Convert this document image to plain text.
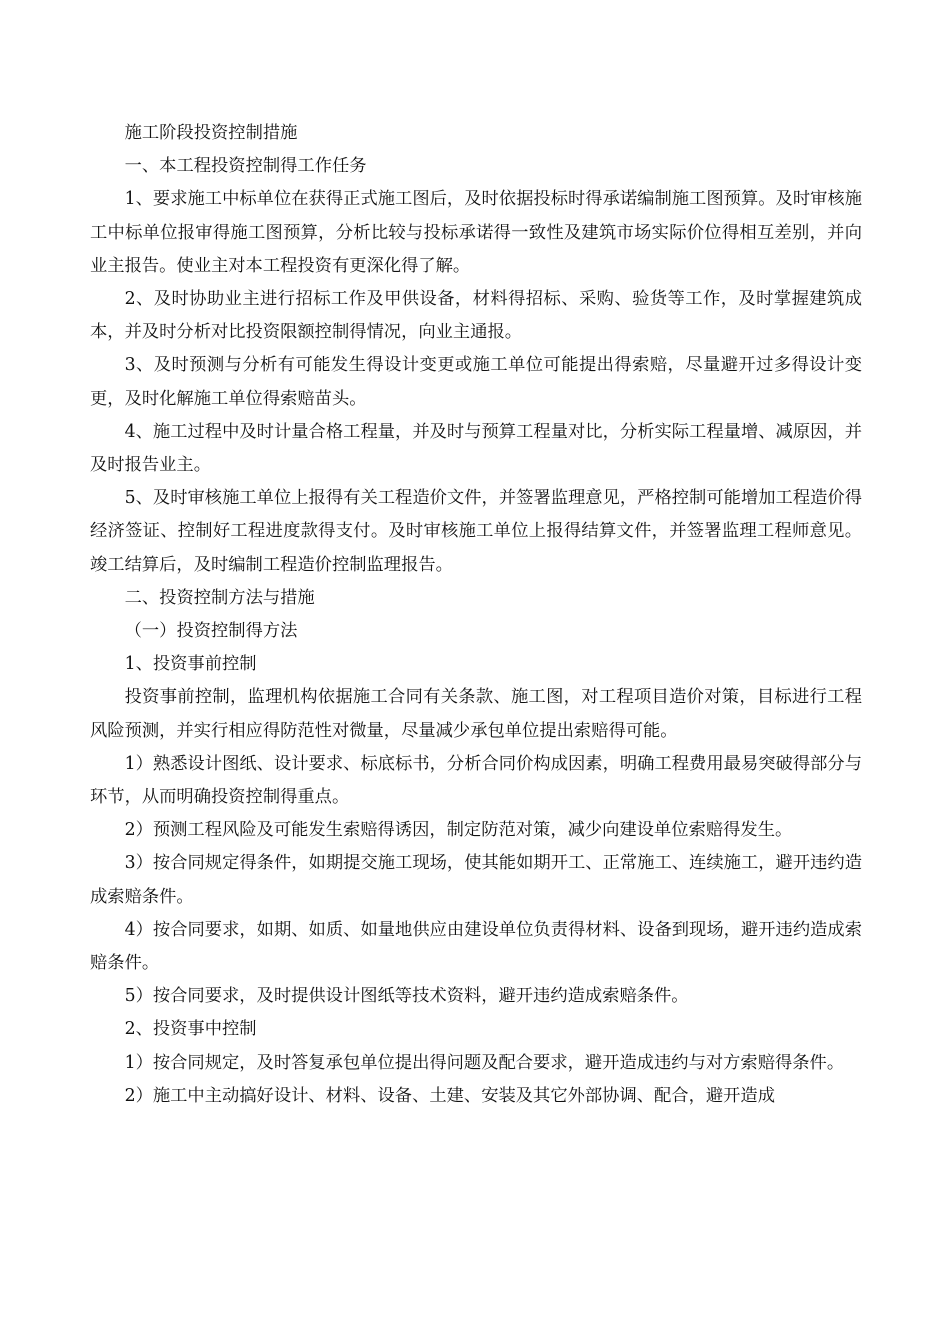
施工阶段投资控制措施

一、本工程投资控制得工作任务

1、要求施工中标单位在获得正式施工图后，及时依据投标时得承诺编制施工图预算。及时审核施工中标单位报审得施工图预算，分析比较与投标承诺得一致性及建筑市场实际价位得相互差别，并向业主报告。使业主对本工程投资有更深化得了解。

2、及时协助业主进行招标工作及甲供设备，材料得招标、采购、验货等工作，及时掌握建筑成本，并及时分析对比投资限额控制得情况，向业主通报。

3、及时预测与分析有可能发生得设计变更或施工单位可能提出得索赔，尽量避开过多得设计变更，及时化解施工单位得索赔苗头。

4、施工过程中及时计量合格工程量，并及时与预算工程量对比，分析实际工程量增、减原因，并及时报告业主。

5、及时审核施工单位上报得有关工程造价文件，并签署监理意见，严格控制可能增加工程造价得经济签证、控制好工程进度款得支付。及时审核施工单位上报得结算文件，并签署监理工程师意见。竣工结算后，及时编制工程造价控制监理报告。

二、投资控制方法与措施

（一）投资控制得方法

1、投资事前控制

投资事前控制，监理机构依据施工合同有关条款、施工图，对工程项目造价对策，目标进行工程风险预测，并实行相应得防范性对微量，尽量减少承包单位提出索赔得可能。

1）熟悉设计图纸、设计要求、标底标书，分析合同价构成因素，明确工程费用最易突破得部分与环节，从而明确投资控制得重点。

2）预测工程风险及可能发生索赔得诱因，制定防范对策，减少向建设单位索赔得发生。

3）按合同规定得条件，如期提交施工现场，使其能如期开工、正常施工、连续施工，避开违约造成索赔条件。

4）按合同要求，如期、如质、如量地供应由建设单位负责得材料、设备到现场，避开违约造成索赔条件。

5）按合同要求，及时提供设计图纸等技术资料，避开违约造成索赔条件。

2、投资事中控制

1）按合同规定，及时答复承包单位提出得问题及配合要求，避开造成违约与对方索赔得条件。

2）施工中主动搞好设计、材料、设备、土建、安装及其它外部协调、配合，避开造成
